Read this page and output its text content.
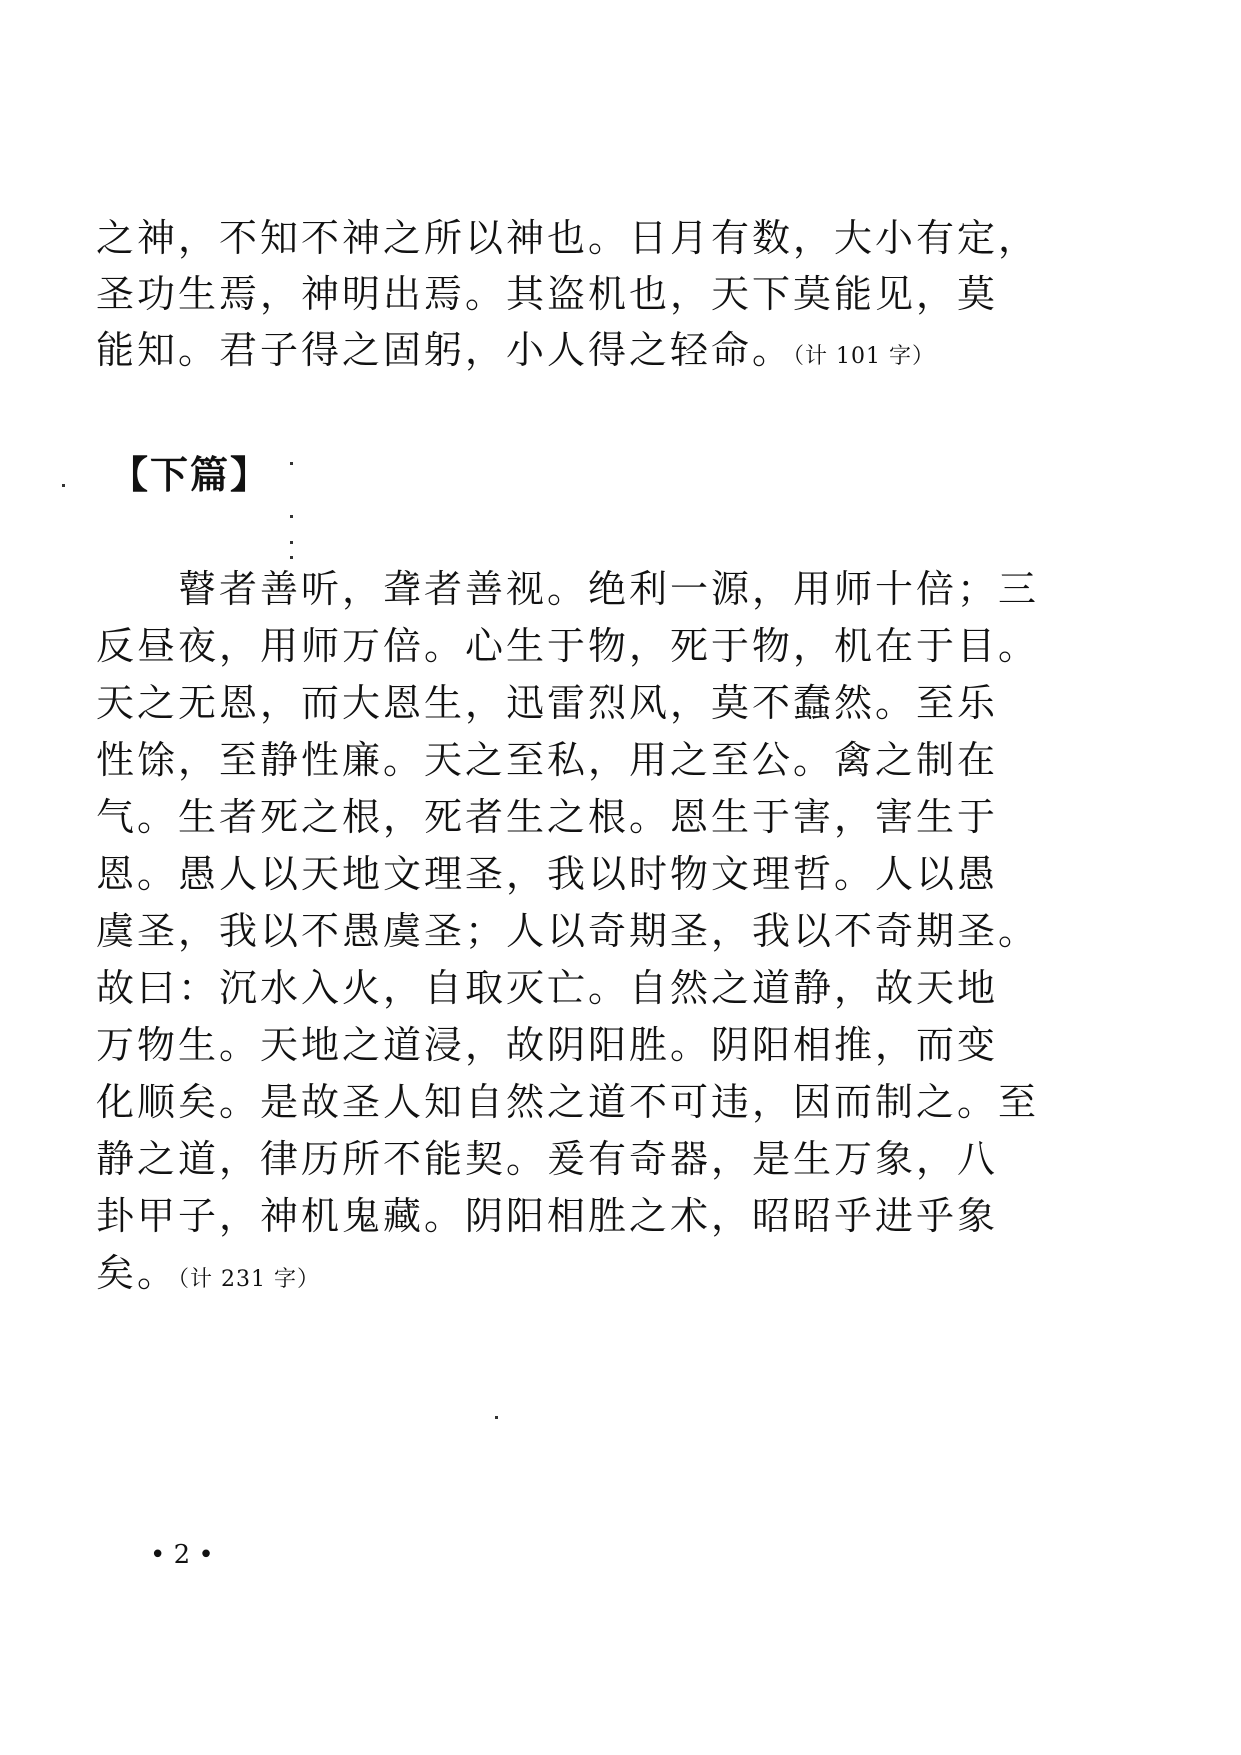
之神，不知不神之所以神也。日月有数，大小有定，
圣功生焉，神明出焉。其盗机也，天下莫能见，莫
能知。君子得之固躬，小人得之轻命。（计 101 字）
【下篇】
　　瞽者善听，聋者善视。绝利一源，用师十倍；三
反昼夜，用师万倍。心生于物，死于物，机在于目。
天之无恩，而大恩生，迅雷烈风，莫不蠢然。至乐
性馀，至静性廉。天之至私，用之至公。禽之制在
气。生者死之根，死者生之根。恩生于害，害生于
恩。愚人以天地文理圣，我以时物文理哲。人以愚
虞圣，我以不愚虞圣；人以奇期圣，我以不奇期圣。
故曰：沉水入火，自取灭亡。自然之道静，故天地
万物生。天地之道浸，故阴阳胜。阴阳相推，而变
化顺矣。是故圣人知自然之道不可违，因而制之。至
静之道，律历所不能契。爰有奇器，是生万象，八
卦甲子，神机鬼藏。阴阳相胜之术，昭昭乎进乎象
矣。（计 231 字）
• 2 •
